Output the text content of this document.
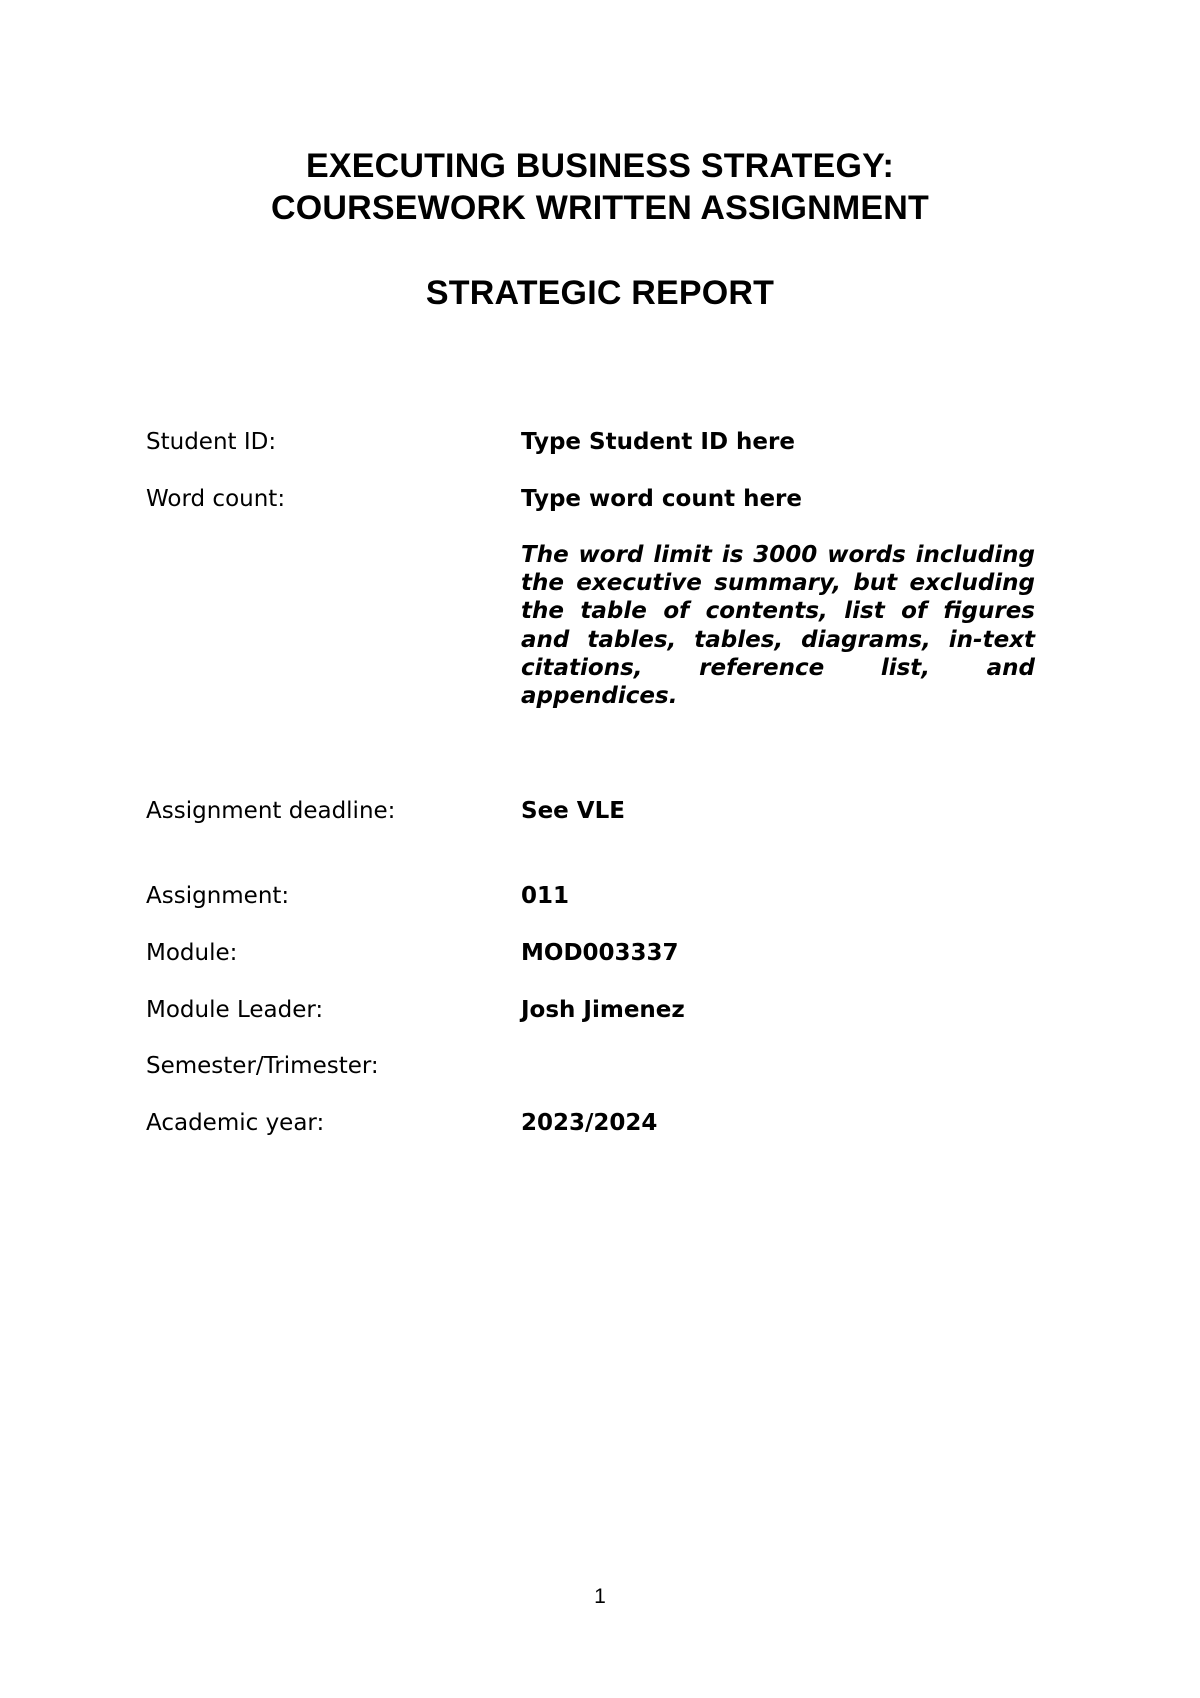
EXECUTING BUSINESS STRATEGY:
COURSEWORK WRITTEN ASSIGNMENT
STRATEGIC REPORT
Student ID:	Type Student ID here
Word count:	Type word count here
The word limit is 3000 words including the executive summary, but excluding the table of contents, list of figures and tables, tables, diagrams, in-text citations, reference list, and appendices.
Assignment deadline:	See VLE
Assignment:	011
Module:	MOD003337
Module Leader:	Josh Jimenez
Semester/Trimester:
Academic year:	2023/2024
1
